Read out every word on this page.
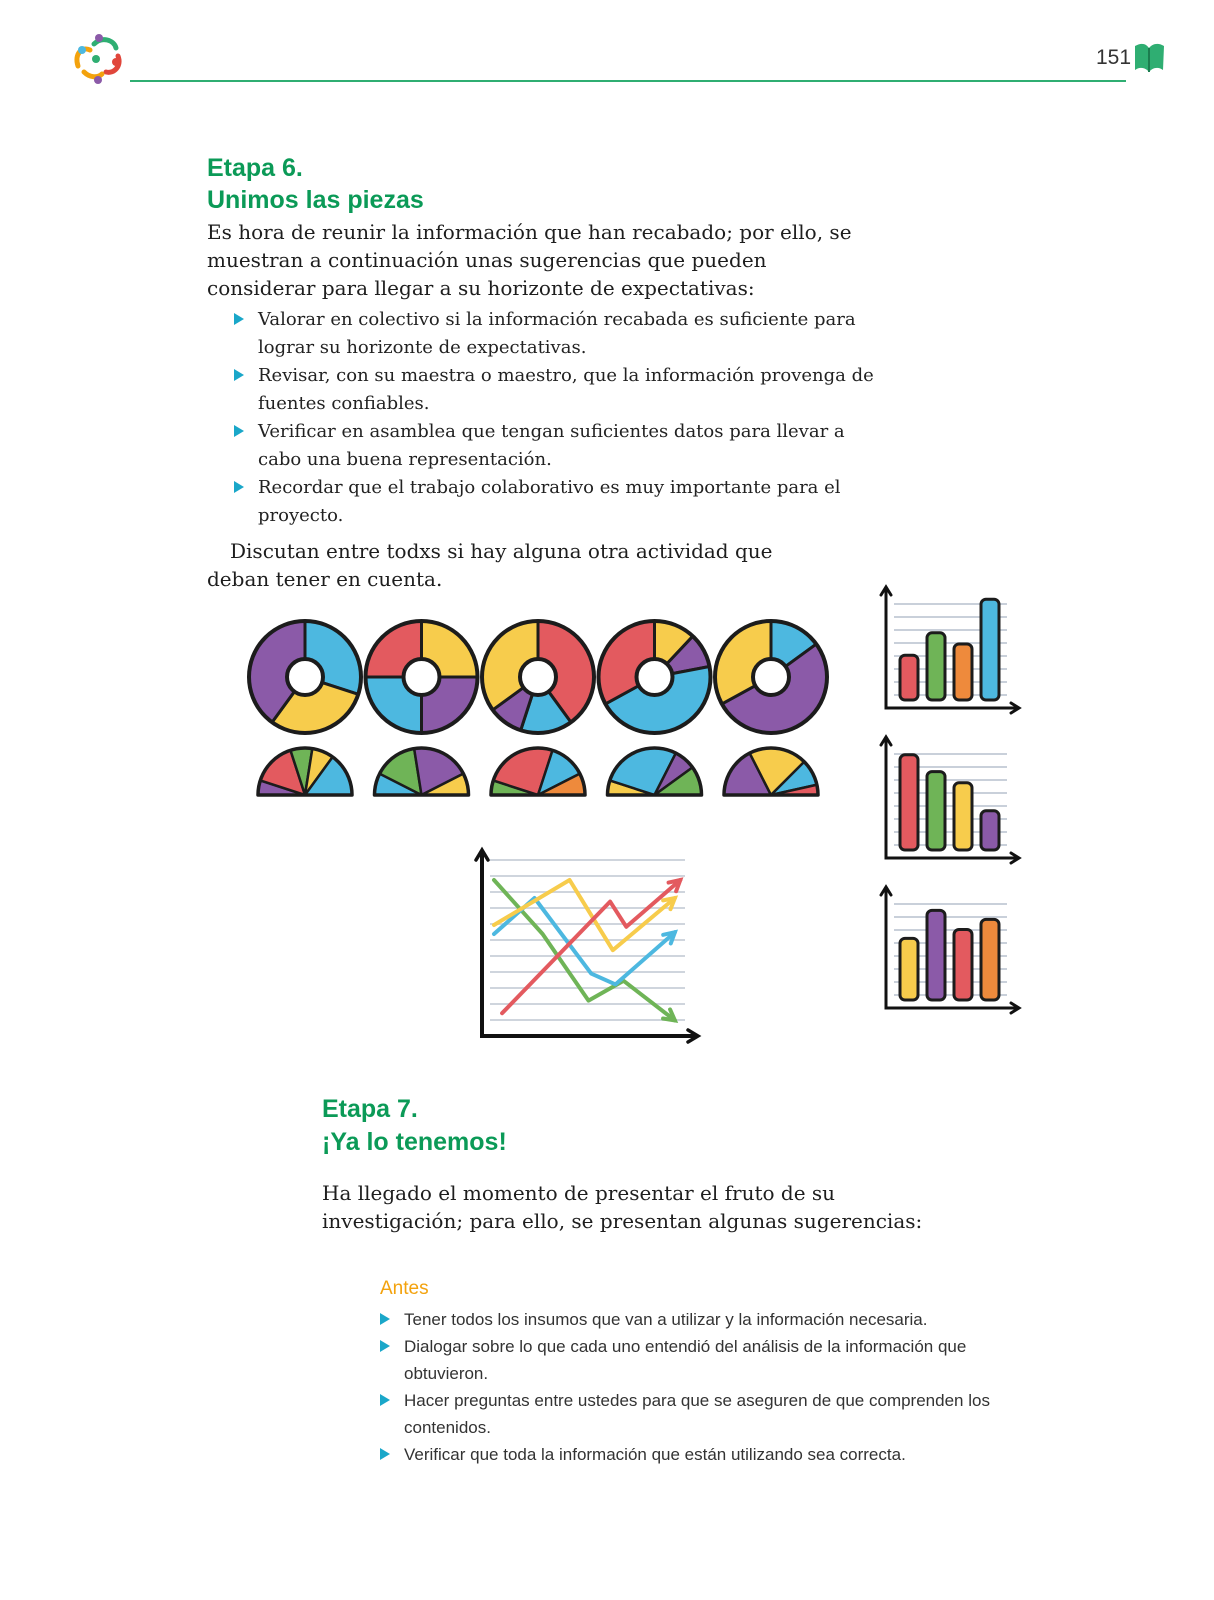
151
Etapa 6.
Unimos las piezas

Es hora de reunir la información que han recabado; por ello, se muestran a continuación unas sugerencias que pueden considerar para llegar a su horizonte de expectativas:

Valorar en colectivo si la información recabada es suficiente para lograr su horizonte de expectativas.
Revisar, con su maestra o maestro, que la información provenga de fuentes confiables.
Verificar en asamblea que tengan suficientes datos para llevar a cabo una buena representación.
Recordar que el trabajo colaborativo es muy importante para el proyecto.

Discutan entre todxs si hay alguna otra actividad que deban tener en cuenta.

Etapa 7.
¡Ya lo tenemos!

Ha llegado el momento de presentar el fruto de su investigación; para ello, se presentan algunas sugerencias:

Antes

Tener todos los insumos que van a utilizar y la información necesaria.
Dialogar sobre lo que cada uno entendió del análisis de la información que obtuvieron.
Hacer preguntas entre ustedes para que se aseguren de que comprenden los contenidos.
Verificar que toda la información que están utilizando sea correcta.
